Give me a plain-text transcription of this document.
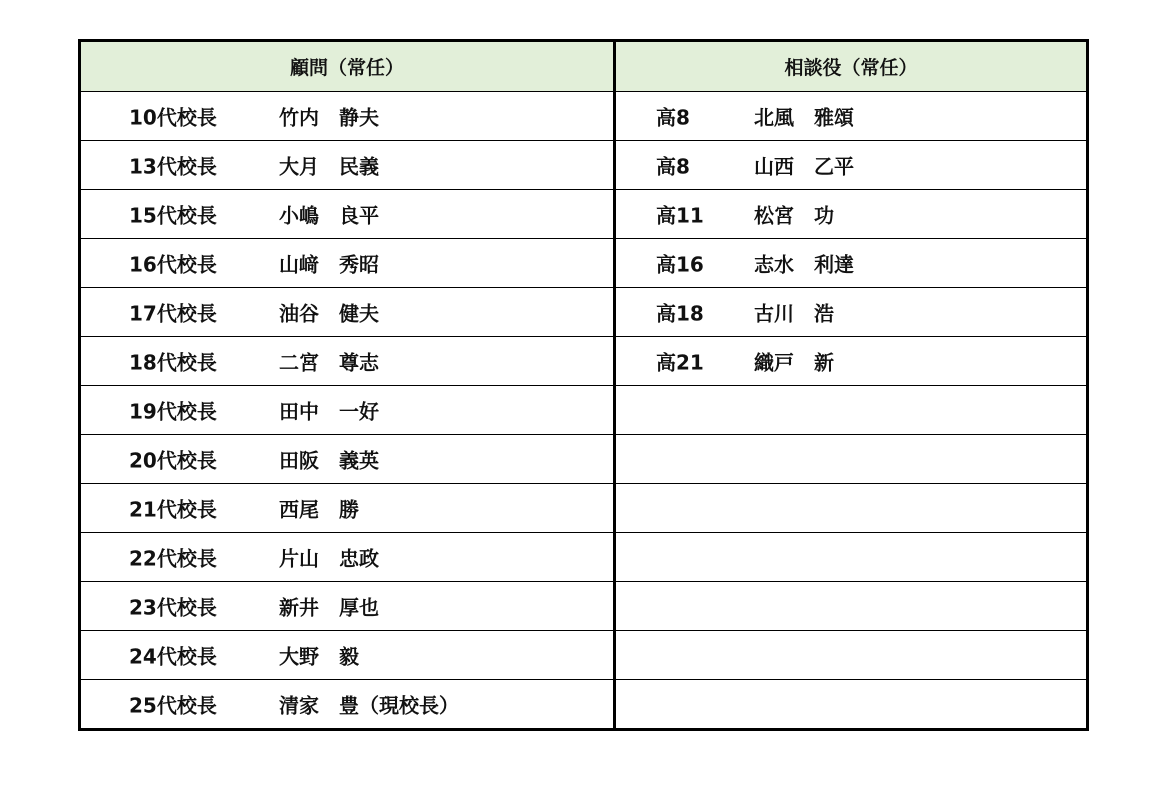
顧問（常任）	相談役（常任）

10代校長 竹内　静夫	高8 北風　雅頌

13代校長 大月　民義	高8 山西　乙平

15代校長 小嶋　良平	高11 松宮　功

16代校長 山﨑　秀昭	高16 志水　利達

17代校長 油谷　健夫	高18 古川　浩

18代校長 二宮　尊志	高21 織戸　新

19代校長 田中　一好	

20代校長 田阪　義英	

21代校長 西尾　勝	

22代校長 片山　忠政	

23代校長 新井　厚也	

24代校長 大野　毅	

25代校長 清家　豊（現校長）	
